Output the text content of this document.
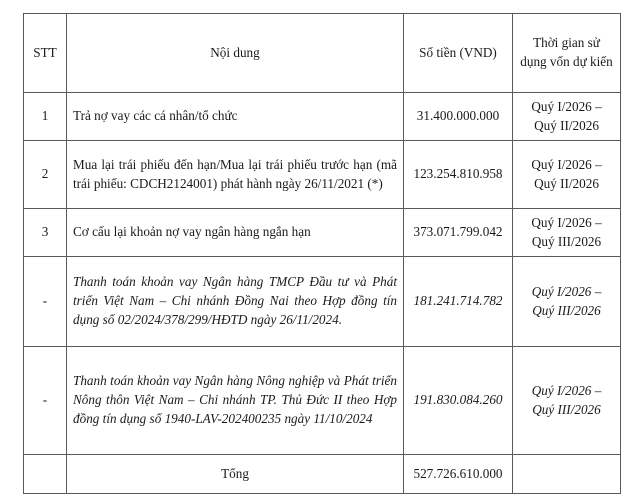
STT	Nội dung	Số tiền (VND)	Thời gian sử dụng vốn dự kiến
1	Trả nợ vay các cá nhân/tổ chức	31.400.000.000	Quý I/2026 –
Quý II/2026
2	Mua lại trái phiếu đến hạn/Mua lại trái phiếu trước hạn (mã trái phiếu: CDCH2124001) phát hành ngày 26/11/2021 (*)	123.254.810.958	Quý I/2026 –
Quý II/2026
3	Cơ cấu lại khoản nợ vay ngân hàng ngắn hạn	373.071.799.042	Quý I/2026 –
Quý III/2026
-	Thanh toán khoản vay Ngân hàng TMCP Đầu tư và Phát triển Việt Nam – Chi nhánh Đồng Nai theo Hợp đồng tín dụng số 02/2024/378/299/HĐTD ngày 26/11/2024.	181.241.714.782	Quý I/2026 –
Quý III/2026
-	Thanh toán khoản vay Ngân hàng Nông nghiệp và Phát triển Nông thôn Việt Nam – Chi nhánh TP. Thủ Đức II theo Hợp đồng tín dụng số 1940-LAV-202400235 ngày 11/10/2024	191.830.084.260	Quý I/2026 –
Quý III/2026
	Tổng	527.726.610.000	
